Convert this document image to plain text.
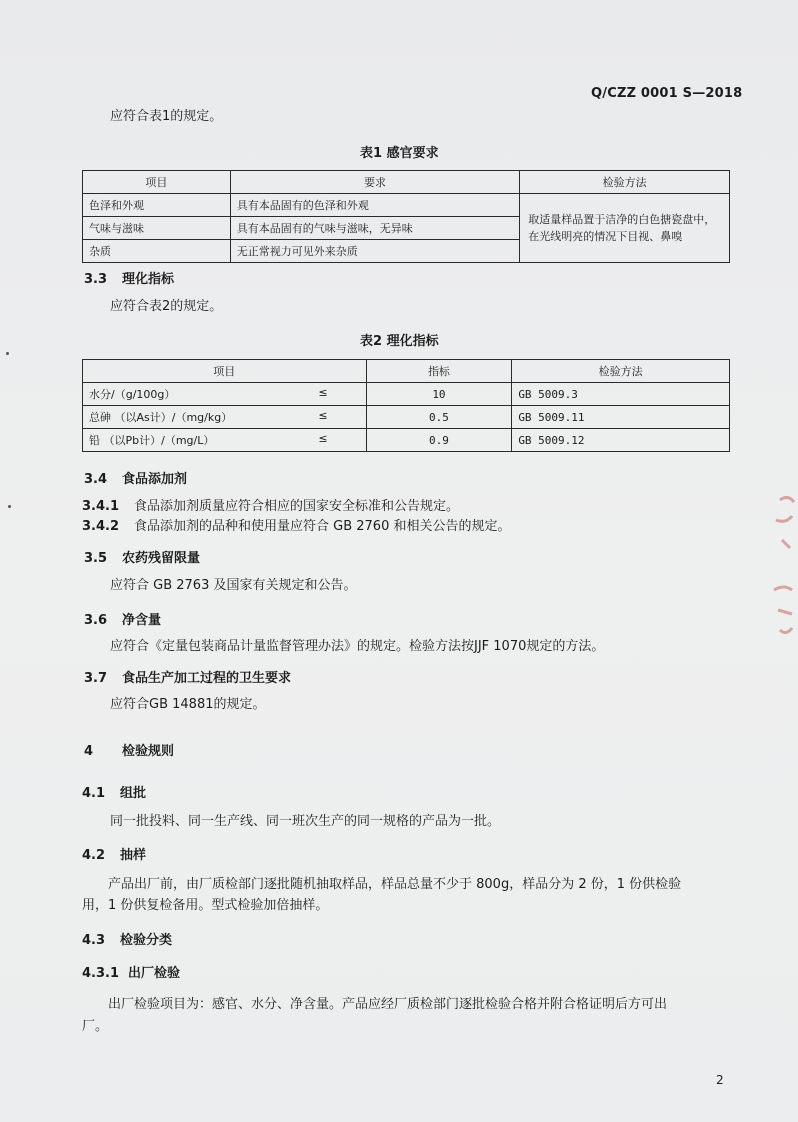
Q/CZZ 0001 S—2018
应符合表1的规定。
表1 感官要求
项目	要求	检验方法
色泽和外观	具有本品固有的色泽和外观	取适量样品置于洁净的白色搪瓷盘中，在光线明亮的情况下目视、鼻嗅
气味与滋味	具有本品固有的气味与滋味，无异味	
杂质	无正常视力可见外来杂质	
3.3 理化指标
应符合表2的规定。
表2 理化指标
项目	指标	检验方法
水分/（g/100g） ≤	10	GB 5009.3
总砷 （以As计）/（mg/kg） ≤	0.5	GB 5009.11
铅 （以Pb计）/（mg/L） ≤	0.9	GB 5009.12
3.4 食品添加剂
3.4.1 食品添加剂质量应符合相应的国家安全标准和公告规定。
3.4.2 食品添加剂的品种和使用量应符合 GB 2760 和相关公告的规定。
3.5 农药残留限量
应符合 GB 2763 及国家有关规定和公告。
3.6 净含量
应符合《定量包装商品计量监督管理办法》的规定。检验方法按JJF 1070规定的方法。
3.7 食品生产加工过程的卫生要求
应符合GB 14881的规定。
4 检验规则
4.1 组批
同一批投料、同一生产线、同一班次生产的同一规格的产品为一批。
4.2 抽样
产品出厂前，由厂质检部门逐批随机抽取样品，样品总量不少于 800g，样品分为 2 份，1 份供检验
用，1 份供复检备用。型式检验加倍抽样。
4.3 检验分类
4.3.1 出厂检验
出厂检验项目为：感官、水分、净含量。产品应经厂质检部门逐批检验合格并附合格证明后方可出
厂。
2
